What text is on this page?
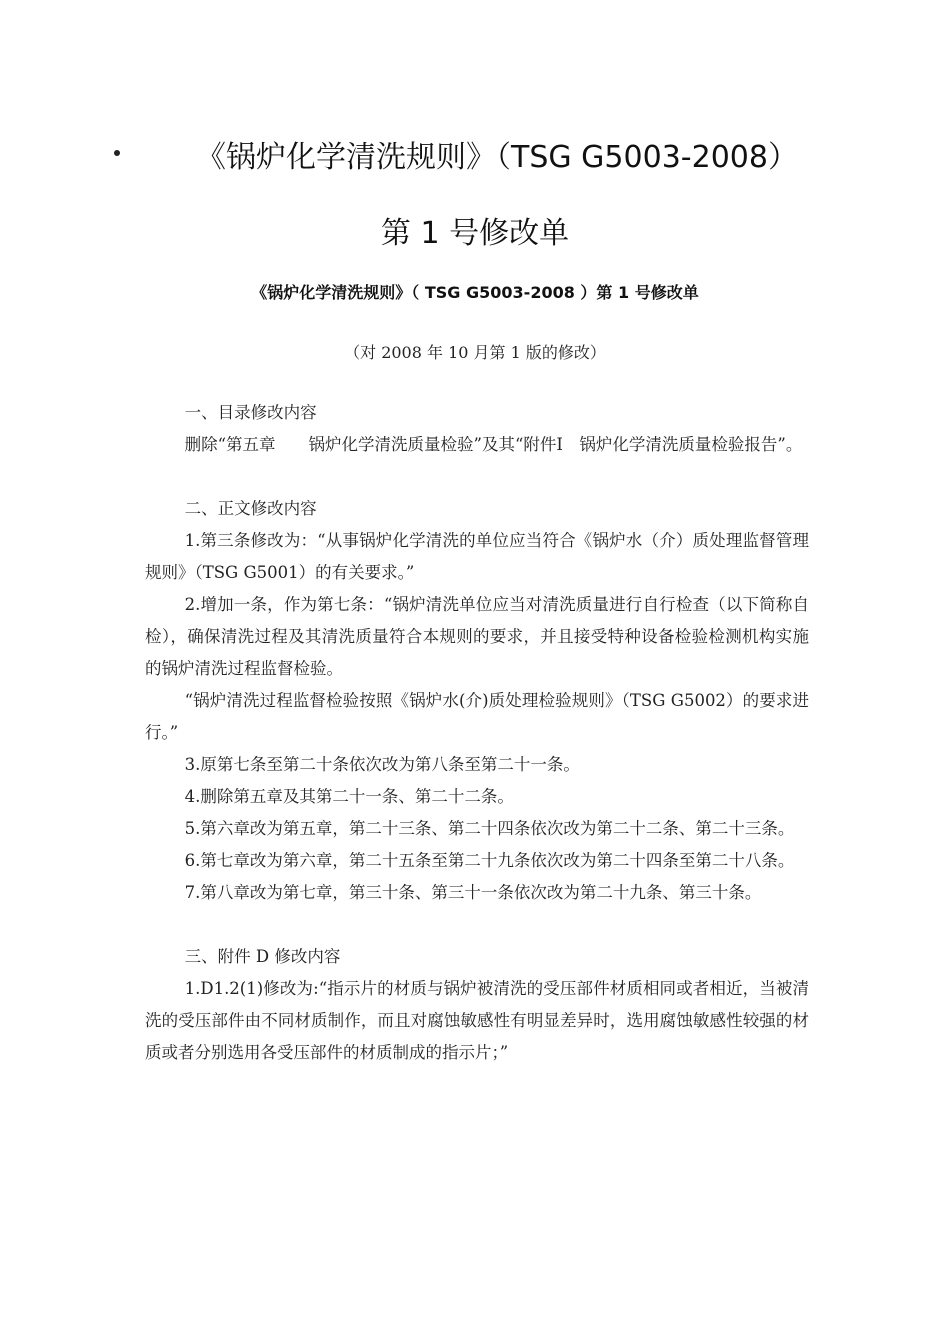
《锅炉化学清洗规则》（TSG G5003-2008）
第 1 号修改单
《锅炉化学清洗规则》（ TSG G5003-2008 ）第 1 号修改单
（对 2008 年 10 月第 1 版的修改）

一、目录修改内容

删除“第五章　　锅炉化学清洗质量检验”及其“附件Ⅰ　锅炉化学清洗质量检验报告”。

二、正文修改内容

1.第三条修改为：“从事锅炉化学清洗的单位应当符合《锅炉水（介）质处理监督管理规则》（TSG G5001）的有关要求。”

2.增加一条，作为第七条：“锅炉清洗单位应当对清洗质量进行自行检查（以下简称自检），确保清洗过程及其清洗质量符合本规则的要求，并且接受特种设备检验检测机构实施的锅炉清洗过程监督检验。

“锅炉清洗过程监督检验按照《锅炉水(介)质处理检验规则》（TSG G5002）的要求进行。”

3.原第七条至第二十条依次改为第八条至第二十一条。

4.删除第五章及其第二十一条、第二十二条。

5.第六章改为第五章，第二十三条、第二十四条依次改为第二十二条、第二十三条。

6.第七章改为第六章，第二十五条至第二十九条依次改为第二十四条至第二十八条。

7.第八章改为第七章，第三十条、第三十一条依次改为第二十九条、第三十条。

三、附件 D 修改内容

1.D1.2(1)修改为:“指示片的材质与锅炉被清洗的受压部件材质相同或者相近，当被清洗的受压部件由不同材质制作，而且对腐蚀敏感性有明显差异时，选用腐蚀敏感性较强的材质或者分别选用各受压部件的材质制成的指示片；”
